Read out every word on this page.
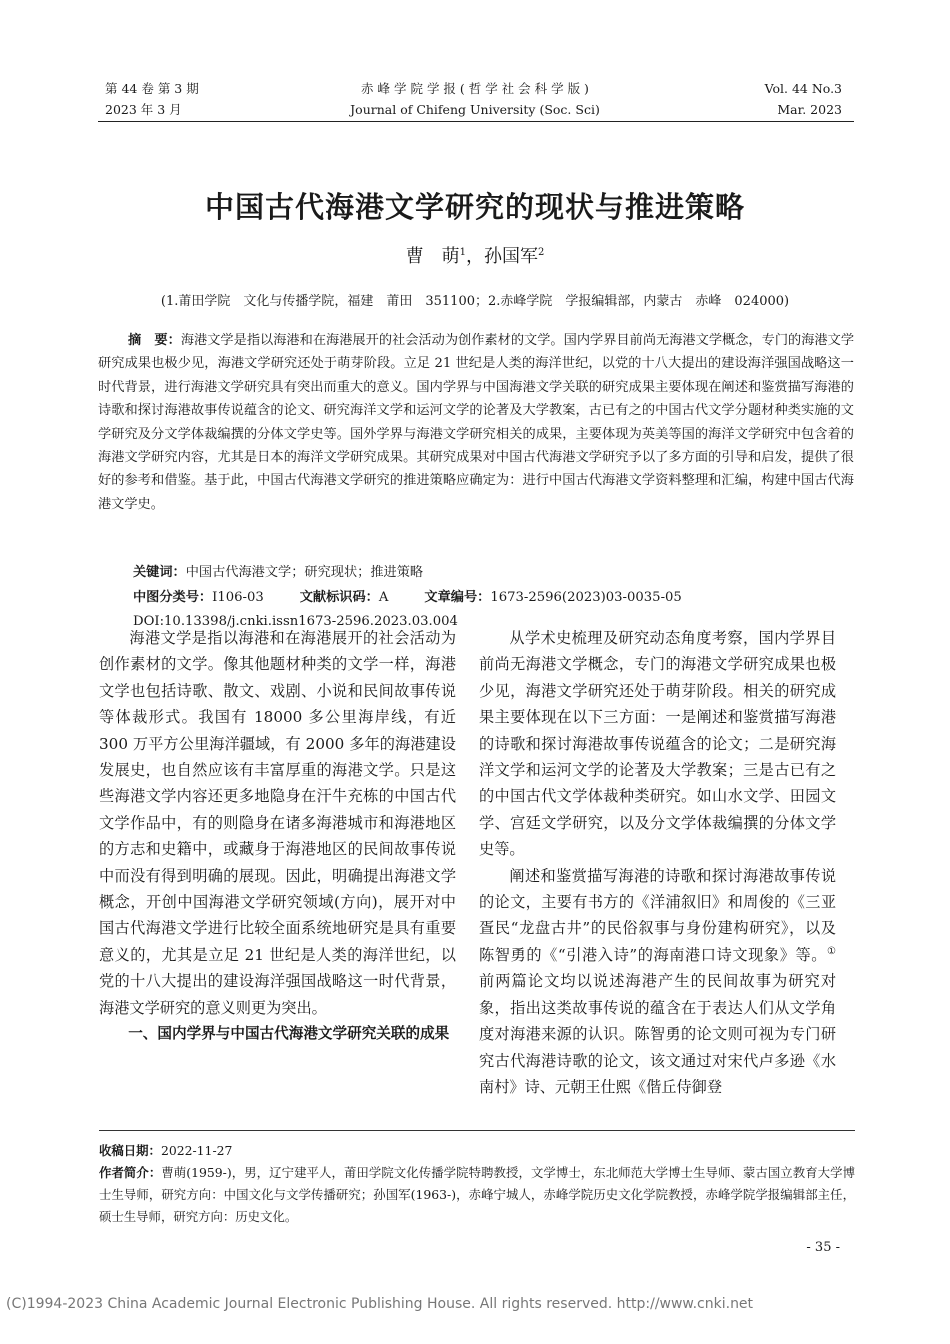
第 44 卷 第 3 期
2023 年 3 月
赤 峰 学 院 学 报 ( 哲 学 社 会 科 学 版 )
Journal of Chifeng University (Soc. Sci)
Vol. 44 No.3
Mar. 2023
中国古代海港文学研究的现状与推进策略
曹　萌$^1$，孙国军$^2$
(1.莆田学院　文化与传播学院，福建　莆田　351100；2.赤峰学院　学报编辑部，内蒙古　赤峰　024000)

摘　要：海港文学是指以海港和在海港展开的社会活动为创作素材的文学。国内学界目前尚无海港文学概念，专门的海港文学研究成果也极少见，海港文学研究还处于萌芽阶段。立足 21 世纪是人类的海洋世纪，以党的十八大提出的建设海洋强国战略这一时代背景，进行海港文学研究具有突出而重大的意义。国内学界与中国海港文学关联的研究成果主要体现在阐述和鉴赏描写海港的诗歌和探讨海港故事传说蕴含的论文、研究海洋文学和运河文学的论著及大学教案，古已有之的中国古代文学分题材种类实施的文学研究及分文学体裁编撰的分体文学史等。国外学界与海港文学研究相关的成果，主要体现为英美等国的海洋文学研究中包含着的海港文学研究内容，尤其是日本的海洋文学研究成果。其研究成果对中国古代海港文学研究予以了多方面的引导和启发，提供了很好的参考和借鉴。基于此，中国古代海港文学研究的推进策略应确定为：进行中国古代海港文学资料整理和汇编，构建中国古代海港文学史。

关键词：中国古代海港文学；研究现状；推进策略
中图分类号：I106-03	文献标识码：A	文章编号：1673-2596(2023)03-0035-05
DOI:10.13398/j.cnki.issn1673-2596.2023.03.004

海港文学是指以海港和在海港展开的社会活动为创作素材的文学。像其他题材种类的文学一样，海港文学也包括诗歌、散文、戏剧、小说和民间故事传说等体裁形式。我国有 18000 多公里海岸线，有近 300 万平方公里海洋疆域，有 2000 多年的海港建设发展史，也自然应该有丰富厚重的海港文学。只是这些海港文学内容还更多地隐身在汗牛充栋的中国古代文学作品中，有的则隐身在诸多海港城市和海港地区的方志和史籍中，或藏身于海港地区的民间故事传说中而没有得到明确的展现。因此，明确提出海港文学概念，开创中国海港文学研究领域(方向)，展开对中国古代海港文学进行比较全面系统地研究是具有重要意义的，尤其是立足 21 世纪是人类的海洋世纪，以党的十八大提出的建设海洋强国战略这一时代背景，海港文学研究的意义则更为突出。

一、国内学界与中国古代海港文学研究关联的成果

从学术史梳理及研究动态角度考察，国内学界目前尚无海港文学概念，专门的海港文学研究成果也极少见，海港文学研究还处于萌芽阶段。相关的研究成果主要体现在以下三方面：一是阐述和鉴赏描写海港的诗歌和探讨海港故事传说蕴含的论文；二是研究海洋文学和运河文学的论著及大学教案；三是古已有之的中国古代文学体裁种类研究。如山水文学、田园文学、宫廷文学研究，以及分文学体裁编撰的分体文学史等。

阐述和鉴赏描写海港的诗歌和探讨海港故事传说的论文，主要有书方的《洋浦叙旧》和周俊的《三亚疍民“龙盘古井”的民俗叙事与身份建构研究》，以及陈智勇的《“引港入诗”的海南港口诗文现象》等。①前两篇论文均以说述海港产生的民间故事为研究对象，指出这类故事传说的蕴含在于表达人们从文学角度对海港来源的认识。陈智勇的论文则可视为专门研究古代海港诗歌的论文，该文通过对宋代卢多逊《水南村》诗、元朝王仕熙《偕丘侍御登

收稿日期：2022-11-27
作者简介：曹萌(1959-)，男，辽宁建平人，莆田学院文化传播学院特聘教授，文学博士，东北师范大学博士生导师、蒙古国立教育大学博士生导师，研究方向：中国文化与文学传播研究；孙国军(1963-)，赤峰宁城人，赤峰学院历史文化学院教授，赤峰学院学报编辑部主任，硕士生导师，研究方向：历史文化。
- 35 -
(C)1994-2023 China Academic Journal Electronic Publishing House. All rights reserved. http://www.cnki.net
